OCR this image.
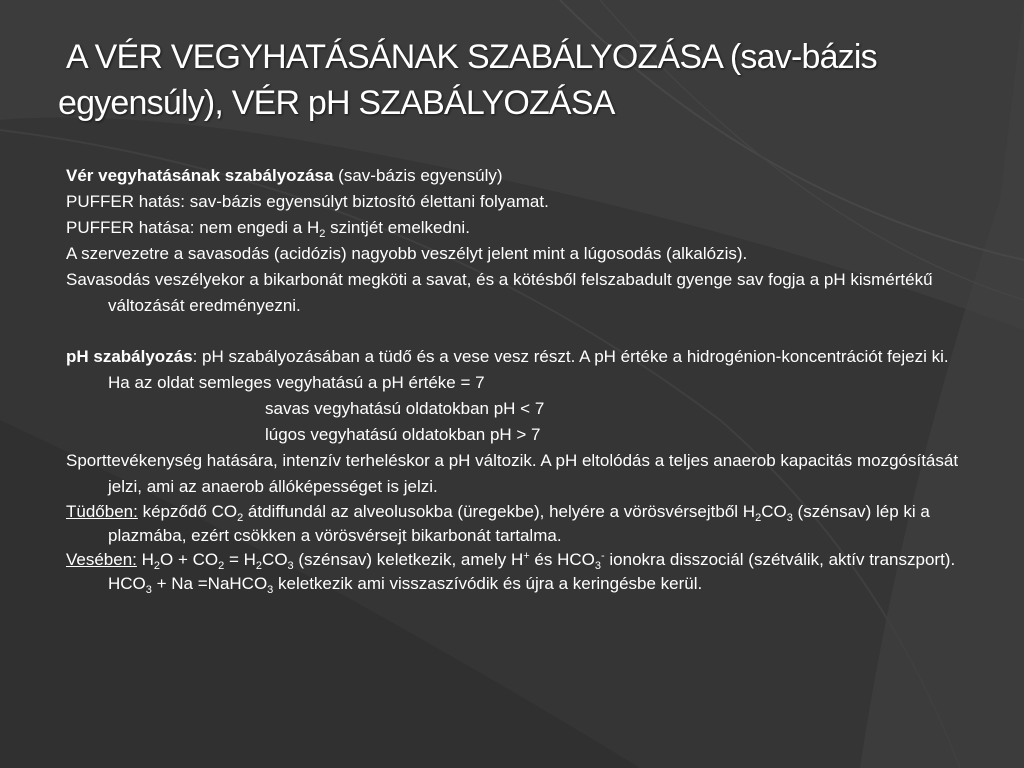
A VÉR VEGYHATÁSÁNAK SZABÁLYOZÁSA (sav-bázis
egyensúly), VÉR pH SZABÁLYOZÁSA

Vér vegyhatásának szabályozása (sav-bázis egyensúly)

PUFFER hatás: sav-bázis egyensúlyt biztosító élettani folyamat.

PUFFER hatása: nem engedi a $H_2$ szintjét emelkedni.

A szervezetre a savasodás (acidózis) nagyobb veszélyt jelent mint a lúgosodás (alkalózis).

Savasodás veszélyekor a bikarbonát megköti a savat, és a kötésből felszabadult gyenge sav fogja a pH kismértékű változását eredményezni.

pH szabályozás: pH szabályozásában a tüdő és a vese vesz részt. A pH értéke a hidrogénion-koncentrációt fejezi ki. Ha az oldat semleges vegyhatású a pH értéke = 7

savas vegyhatású oldatokban pH < 7

lúgos vegyhatású oldatokban pH > 7

Sporttevékenység hatására, intenzív terheléskor a pH változik. A pH eltolódás a teljes anaerob kapacitás mozgósítását jelzi, ami az anaerob állóképességet is jelzi.

Tüdőben: képződő $CO_2$ átdiffundál az alveolusokba (üregekbe), helyére a vörösvérsejtből $H_2CO_3$ (szénsav) lép ki a plazmába, ezért csökken a vörösvérsejt bikarbonát tartalma.

Vesében: $H_2O + CO_2 = H_2CO_3$ (szénsav) keletkezik, amely H+ és $HCO_3^-$ ionokra disszociál (szétválik, aktív transzport). $HCO_3 + Na$ =NaHCO$_3$ keletkezik ami visszaszívódik és újra a keringésbe kerül.
